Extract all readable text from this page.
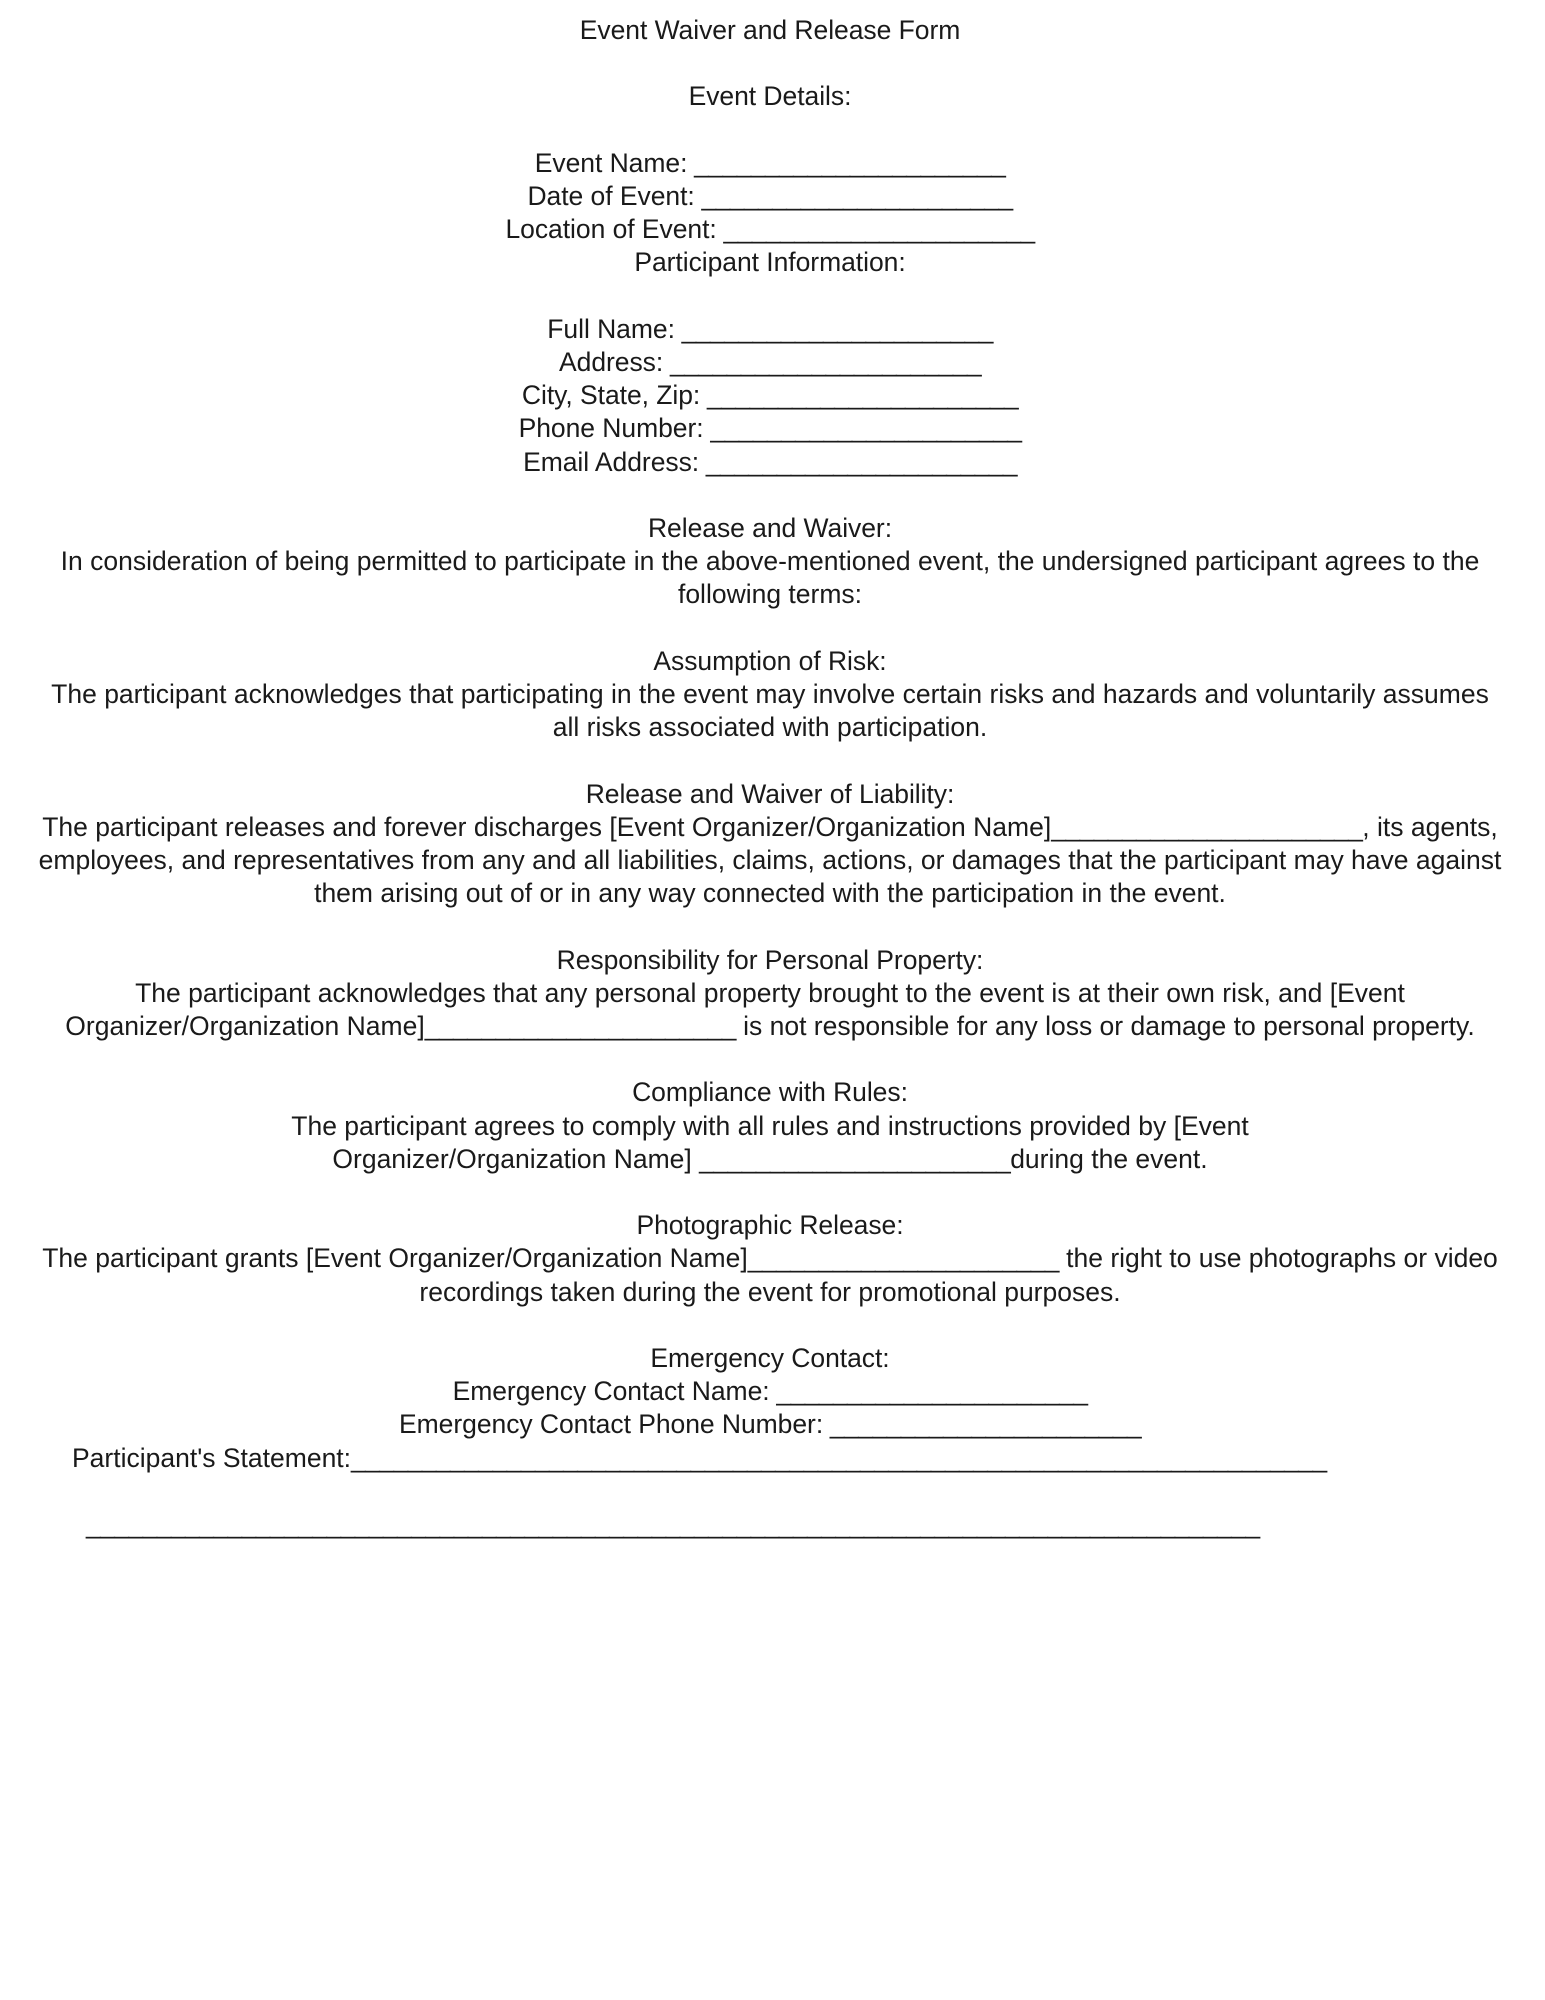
Event Waiver and Release Form

Event Details:

Event Name: ______________________
Date of Event: ______________________
Location of Event: ______________________
Participant Information:

Full Name: ______________________
Address: ______________________
City, State, Zip: ______________________
Phone Number: ______________________
Email Address: ______________________

Release and Waiver:
In consideration of being permitted to participate in the above-mentioned event, the undersigned participant agrees to the following terms:

Assumption of Risk:
The participant acknowledges that participating in the event may involve certain risks and hazards and voluntarily assumes all risks associated with participation.

Release and Waiver of Liability:
The participant releases and forever discharges [Event Organizer/Organization Name]______________________, its agents, employees, and representatives from any and all liabilities, claims, actions, or damages that the participant may have against them arising out of or in any way connected with the participation in the event.

Responsibility for Personal Property:
The participant acknowledges that any personal property brought to the event is at their own risk, and [Event Organizer/Organization Name]______________________ is not responsible for any loss or damage to personal property.

Compliance with Rules:
The participant agrees to comply with all rules and instructions provided by [Event Organizer/Organization Name] ______________________during the event.

Photographic Release:
The participant grants [Event Organizer/Organization Name]______________________ the right to use photographs or video recordings taken during the event for promotional purposes.

Emergency Contact:
Emergency Contact Name: ______________________
Emergency Contact Phone Number: ______________________
Participant's Statement:_____________________________________________________________________

___________________________________________________________________________________
